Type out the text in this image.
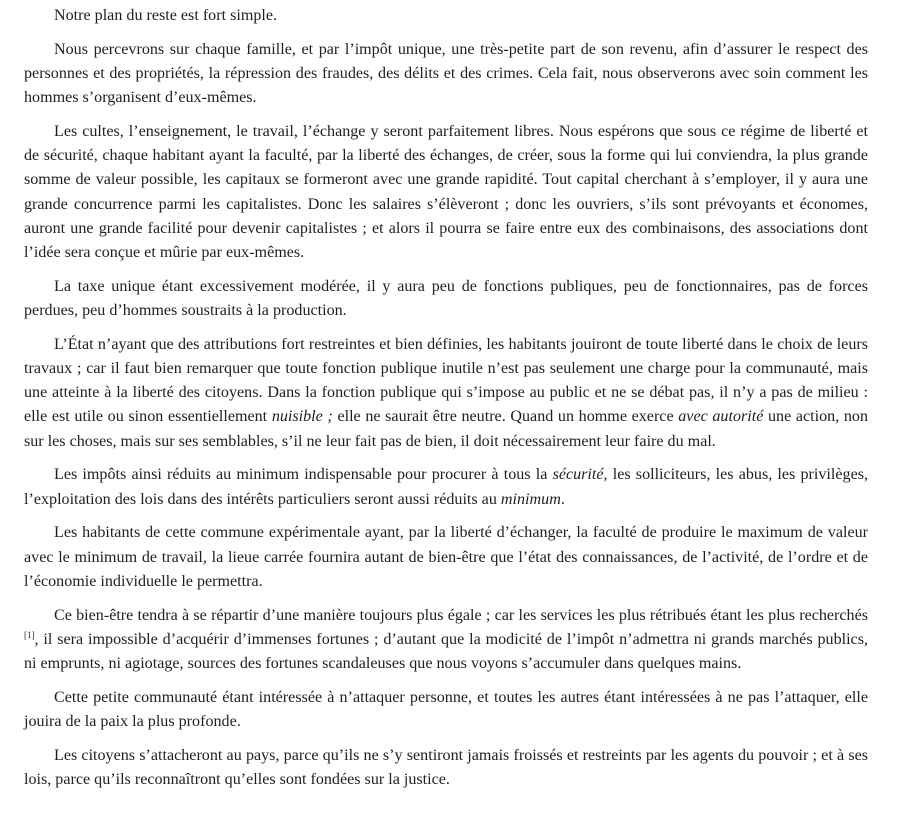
Notre plan du reste est fort simple.

Nous percevrons sur chaque famille, et par l’impôt unique, une très-petite part de son revenu, afin d’assurer le respect des personnes et des propriétés, la répression des fraudes, des délits et des crimes. Cela fait, nous observerons avec soin comment les hommes s’organisent d’eux-mêmes.

Les cultes, l’enseignement, le travail, l’échange y seront parfaitement libres. Nous espérons que sous ce régime de liberté et de sécurité, chaque habitant ayant la faculté, par la liberté des échanges, de créer, sous la forme qui lui conviendra, la plus grande somme de valeur possible, les capitaux se formeront avec une grande rapidité. Tout capital cherchant à s’employer, il y aura une grande concurrence parmi les capitalistes. Donc les salaires s’élèveront ; donc les ouvriers, s’ils sont prévoyants et économes, auront une grande facilité pour devenir capitalistes ; et alors il pourra se faire entre eux des combinaisons, des associations dont l’idée sera conçue et mûrie par eux-mêmes.

La taxe unique étant excessivement modérée, il y aura peu de fonctions publiques, peu de fonctionnaires, pas de forces perdues, peu d’hommes soustraits à la production.

L’État n’ayant que des attributions fort restreintes et bien définies, les habitants jouiront de toute liberté dans le choix de leurs travaux ; car il faut bien remarquer que toute fonction publique inutile n’est pas seulement une charge pour la communauté, mais une atteinte à la liberté des citoyens. Dans la fonction publique qui s’impose au public et ne se débat pas, il n’y a pas de milieu : elle est utile ou sinon essentiellement nuisible ; elle ne saurait être neutre. Quand un homme exerce avec autorité une action, non sur les choses, mais sur ses semblables, s’il ne leur fait pas de bien, il doit nécessairement leur faire du mal.

Les impôts ainsi réduits au minimum indispensable pour procurer à tous la sécurité, les solliciteurs, les abus, les privilèges, l’exploitation des lois dans des intérêts particuliers seront aussi réduits au minimum.

Les habitants de cette commune expérimentale ayant, par la liberté d’échanger, la faculté de produire le maximum de valeur avec le minimum de travail, la lieue carrée fournira autant de bien-être que l’état des connaissances, de l’activité, de l’ordre et de l’économie individuelle le permettra.

Ce bien-être tendra à se répartir d’une manière toujours plus égale ; car les services les plus rétribués étant les plus recherchés [1], il sera impossible d’acquérir d’immenses fortunes ; d’autant que la modicité de l’impôt n’admettra ni grands marchés publics, ni emprunts, ni agiotage, sources des fortunes scandaleuses que nous voyons s’accumuler dans quelques mains.

Cette petite communauté étant intéressée à n’attaquer personne, et toutes les autres étant intéressées à ne pas l’attaquer, elle jouira de la paix la plus profonde.

Les citoyens s’attacheront au pays, parce qu’ils ne s’y sentiront jamais froissés et restreints par les agents du pouvoir ; et à ses lois, parce qu’ils reconnaîtront qu’elles sont fondées sur la justice.
